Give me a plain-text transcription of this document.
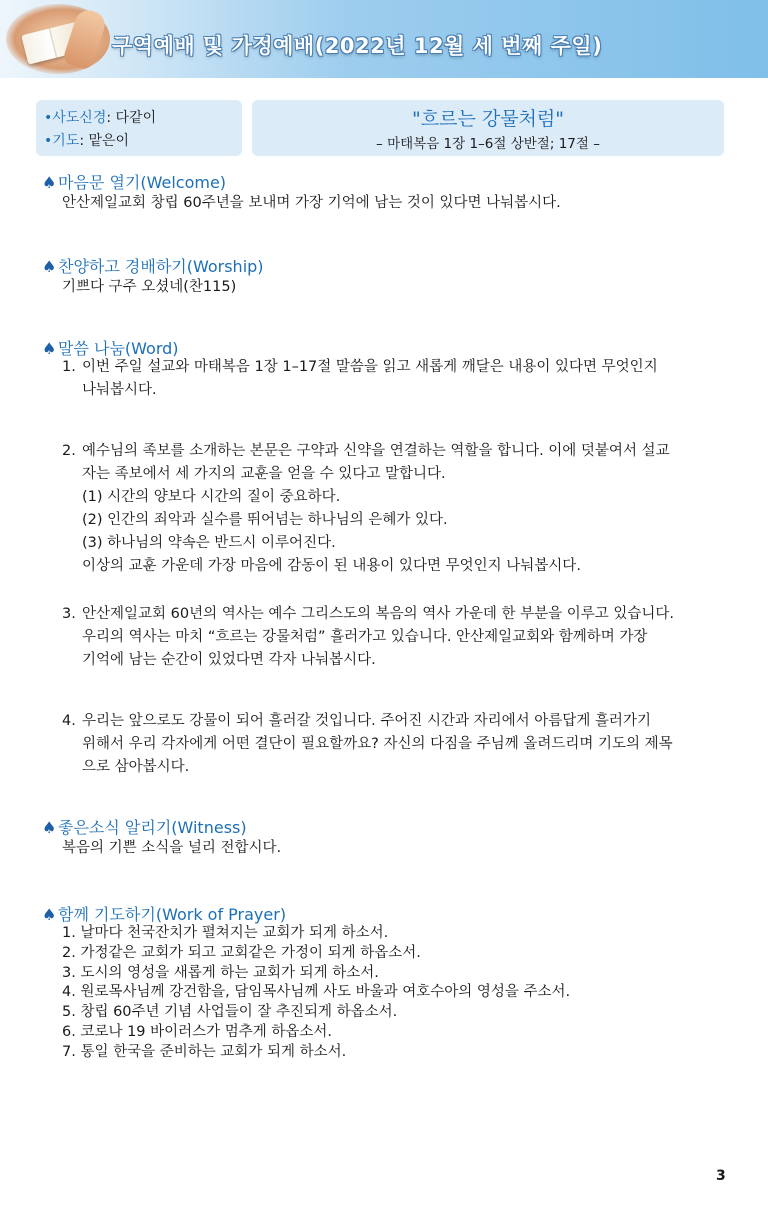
구역예배 및 가정예배(2022년 12월 세 번째 주일)
•사도신경: 다같이
•기도: 맡은이
"흐르는 강물처럼"
– 마태복음 1장 1–6절 상반절; 17절 –
♠ 마음문 열기(Welcome)
안산제일교회 창립 60주년을 보내며 가장 기억에 남는 것이 있다면 나눠봅시다.
♠ 찬양하고 경배하기(Worship)
기쁘다 구주 오셨네(찬115)
♠ 말씀 나눔(Word)
1. 이번 주일 설교와 마태복음 1장 1–17절 말씀을 읽고 새롭게 깨달은 내용이 있다면 무엇인지
나눠봅시다.
2. 예수님의 족보를 소개하는 본문은 구약과 신약을 연결하는 역할을 합니다. 이에 덧붙여서 설교
자는 족보에서 세 가지의 교훈을 얻을 수 있다고 말합니다.
(1) 시간의 양보다 시간의 질이 중요하다.
(2) 인간의 죄악과 실수를 뛰어넘는 하나님의 은혜가 있다.
(3) 하나님의 약속은 반드시 이루어진다.
이상의 교훈 가운데 가장 마음에 감동이 된 내용이 있다면 무엇인지 나눠봅시다.
3. 안산제일교회 60년의 역사는 예수 그리스도의 복음의 역사 가운데 한 부분을 이루고 있습니다.
우리의 역사는 마치 “흐르는 강물처럼” 흘러가고 있습니다. 안산제일교회와 함께하며 가장
기억에 남는 순간이 있었다면 각자 나눠봅시다.
4. 우리는 앞으로도 강물이 되어 흘러갈 것입니다. 주어진 시간과 자리에서 아름답게 흘러가기
위해서 우리 각자에게 어떤 결단이 필요할까요? 자신의 다짐을 주님께 올려드리며 기도의 제목
으로 삼아봅시다.
♠ 좋은소식 알리기(Witness)
복음의 기쁜 소식을 널리 전합시다.
♠ 함께 기도하기(Work of Prayer)
1. 날마다 천국잔치가 펼쳐지는 교회가 되게 하소서.
2. 가정같은 교회가 되고 교회같은 가정이 되게 하옵소서.
3. 도시의 영성을 새롭게 하는 교회가 되게 하소서.
4. 원로목사님께 강건함을, 담임목사님께 사도 바울과 여호수아의 영성을 주소서.
5. 창립 60주년 기념 사업들이 잘 추진되게 하옵소서.
6. 코로나 19 바이러스가 멈추게 하옵소서.
7. 통일 한국을 준비하는 교회가 되게 하소서.
3
